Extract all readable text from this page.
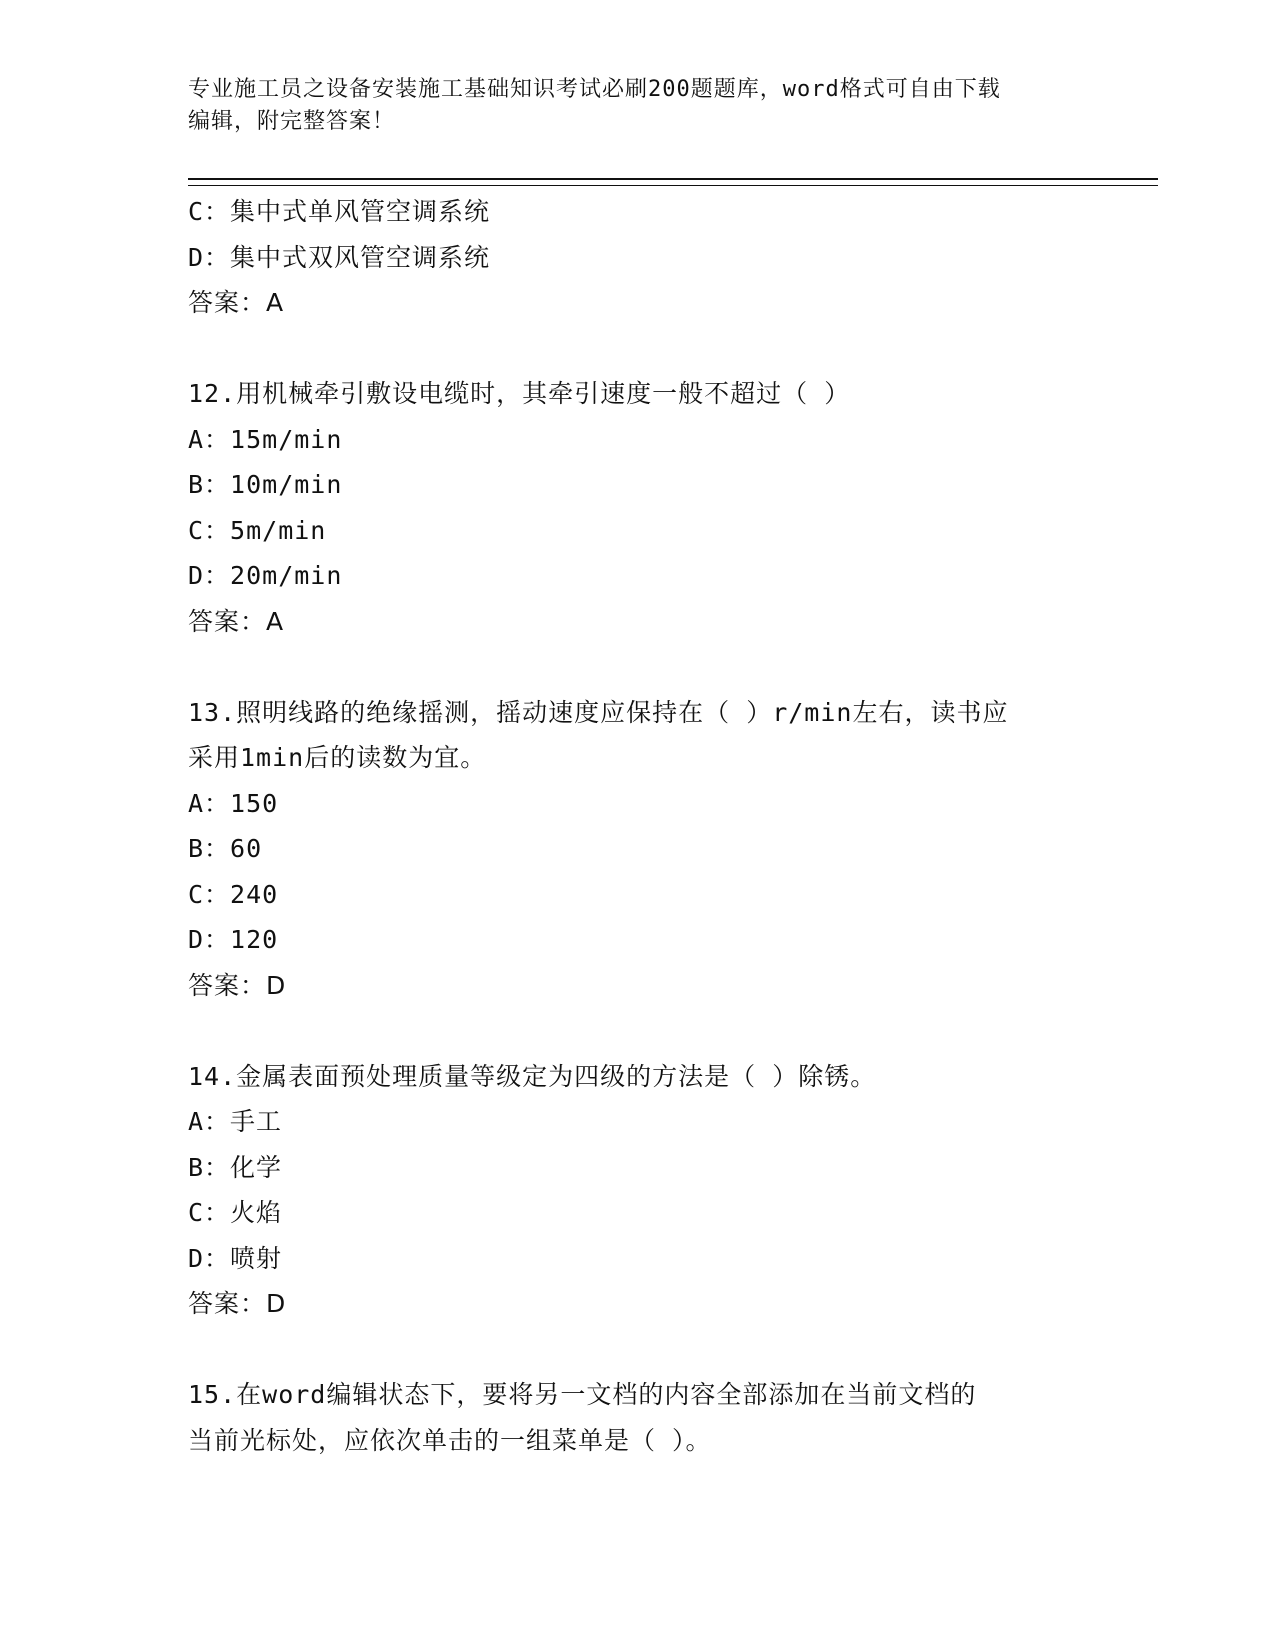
专业施工员之设备安装施工基础知识考试必刷200题题库，word格式可自由下载
编辑，附完整答案！
C：集中式单风管空调系统
D：集中式双风管空调系统
答案：A
12.用机械牵引敷设电缆时，其牵引速度一般不超过（ ）
A：15m/min
B：10m/min
C：5m/min
D：20m/min
答案：A
13.照明线路的绝缘摇测，摇动速度应保持在（ ）r/min左右，读书应
采用1min后的读数为宜。
A：150
B：60
C：240
D：120
答案：D
14.金属表面预处理质量等级定为四级的方法是（ ）除锈。
A：手工
B：化学
C：火焰
D：喷射
答案：D
15.在word编辑状态下，要将另一文档的内容全部添加在当前文档的
当前光标处，应依次单击的一组菜单是（ ）。
